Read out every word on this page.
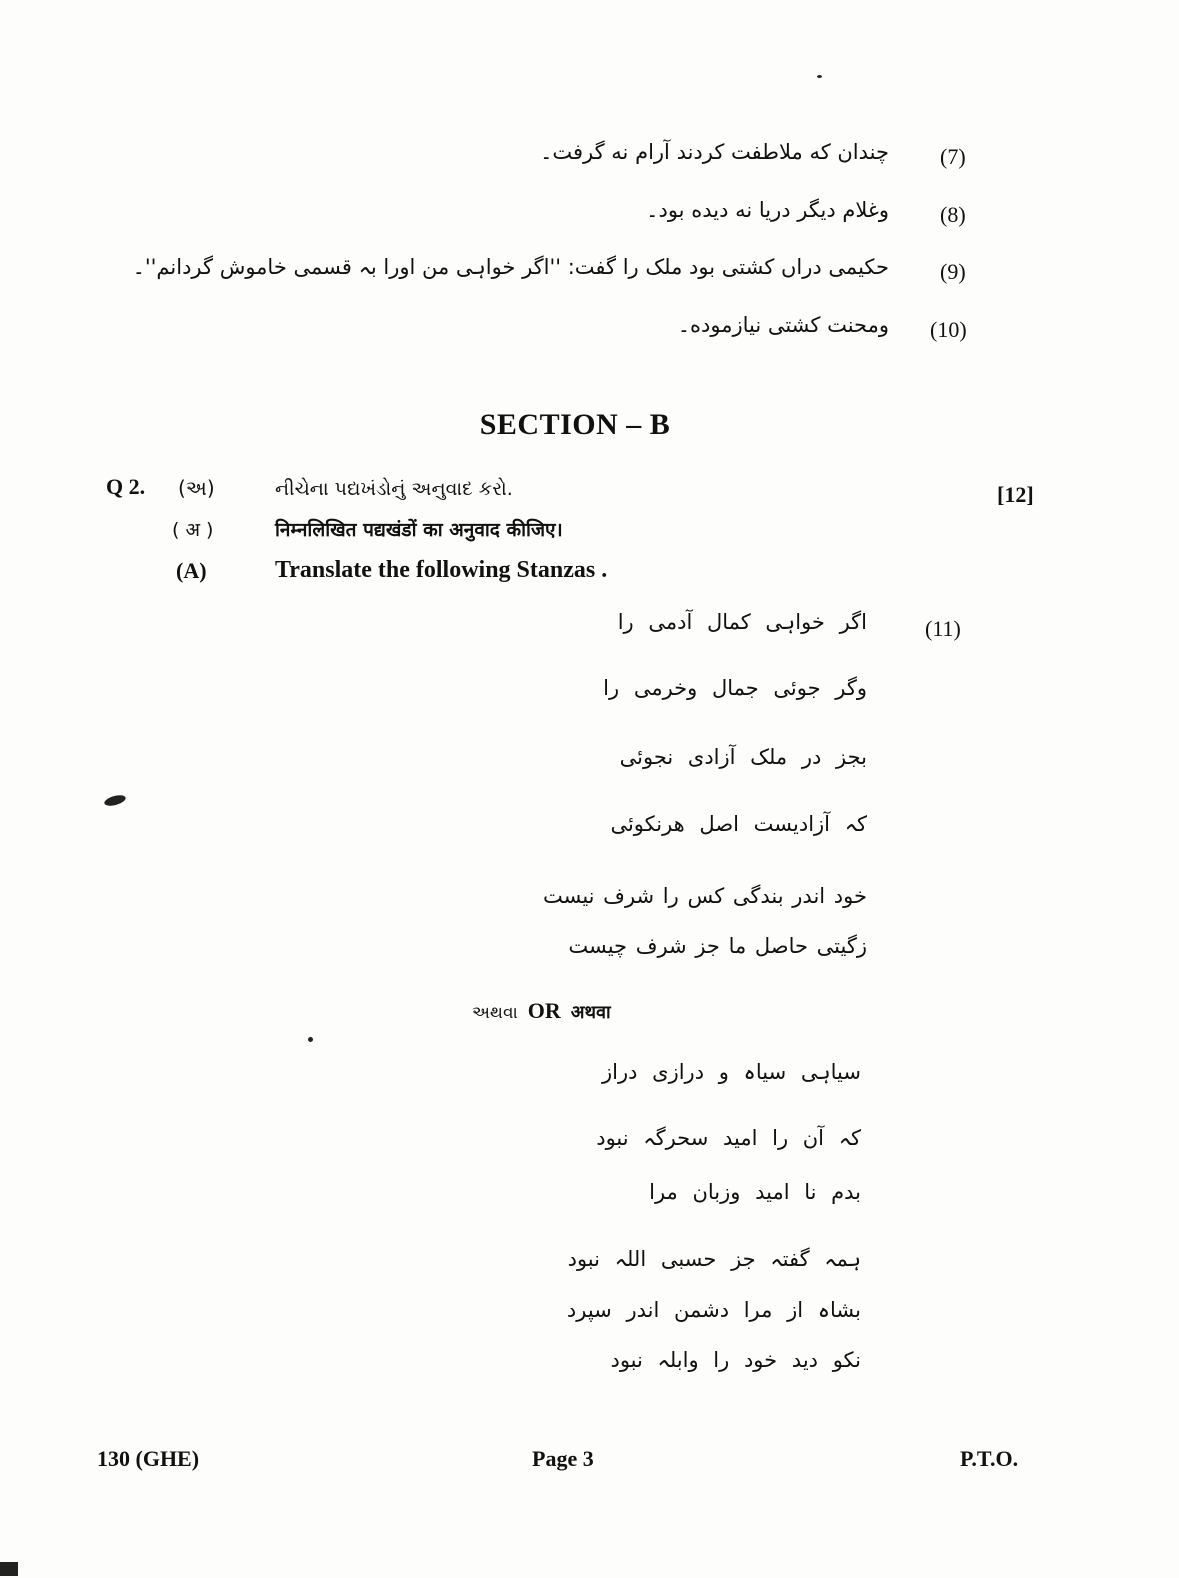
چندان که ملاطفت کردند آرام نه گرفت۔ (7)
وغلام دیگر دریا نه دیده بود۔ (8)
حکیمی دراں کشتی بود ملک را گفت: ''اگر خواہی من اورا بہ قسمی خاموش گردانم''۔ (9)
ومحنت کشتی نیازموده۔ (10)
SECTION – B
Q 2. (અ)	નીચેના પદ્યખંડોનું અનુવાદ કરો.	[12]
( अ )	निम्नलिखित पद्यखंडों का अनुवाद कीजिए।
(A)	Translate the following Stanzas .
(11)
اگر خواہی کمال آدمی را
وگر جوئی جمال وخرمی را
بجز در ملک آزادی نجوئی
کہ آزادیست اصل ھرنکوئی
خود اندر بندگی کس را شرف نیست
زگیتی حاصل ما جز شرف چیست
અથવા OR अथवा
سیاہی سیاہ و درازی دراز
کہ آن را امید سحرگہ نبود
بدم نا امید وزبان مرا
ہمہ گفتہ جز حسبی اللہ نبود
بشاہ از مرا دشمن اندر سپرد
نکو دید خود را وابلہ نبود
130 (GHE)	Page 3	P.T.O.
